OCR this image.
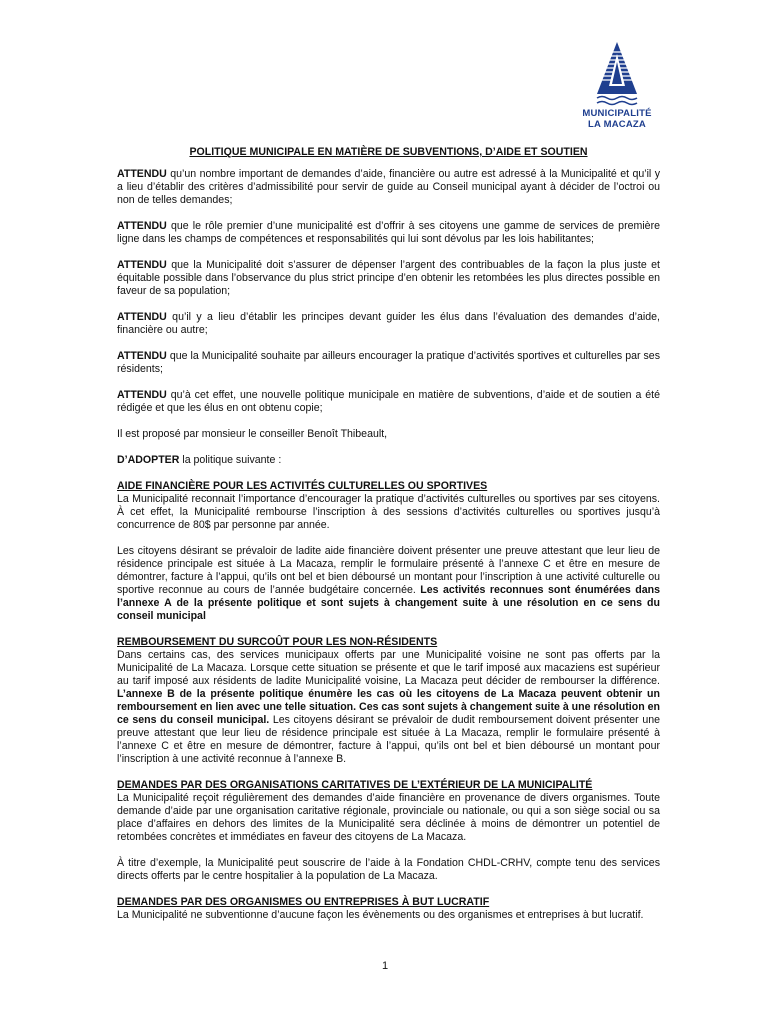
MUNICIPALITÉ
LA MACAZA
POLITIQUE MUNICIPALE EN MATIÈRE DE SUBVENTIONS, D’AIDE ET SOUTIEN

ATTENDU qu’un nombre important de demandes d’aide, financière ou autre est adressé à la Municipalité et qu’il y a lieu d’établir des critères d’admissibilité pour servir de guide au Conseil municipal ayant à décider de l’octroi ou non de telles demandes;

ATTENDU que le rôle premier d’une municipalité est d’offrir à ses citoyens une gamme de services de première ligne dans les champs de compétences et responsabilités qui lui sont dévolus par les lois habilitantes;

ATTENDU que la Municipalité doit s’assurer de dépenser l’argent des contribuables de la façon la plus juste et équitable possible dans l’observance du plus strict principe d’en obtenir les retombées les plus directes possible en faveur de sa population;

ATTENDU qu’il y a lieu d’établir les principes devant guider les élus dans l’évaluation des demandes d’aide, financière ou autre;

ATTENDU que la Municipalité souhaite par ailleurs encourager la pratique d’activités sportives et culturelles par ses résidents;

ATTENDU qu’à cet effet, une nouvelle politique municipale en matière de subventions, d’aide et de soutien a été rédigée et que les élus en ont obtenu copie;

Il est proposé par monsieur le conseiller Benoît Thibeault,

D’ADOPTER la politique suivante :

AIDE FINANCIÈRE POUR LES ACTIVITÉS CULTURELLES OU SPORTIVES

La Municipalité reconnait l’importance d’encourager la pratique d’activités culturelles ou sportives par ses citoyens. À cet effet, la Municipalité rembourse l’inscription à des sessions d’activités culturelles ou sportives jusqu’à concurrence de 80$ par personne par année.

Les citoyens désirant se prévaloir de ladite aide financière doivent présenter une preuve attestant que leur lieu de résidence principale est située à La Macaza, remplir le formulaire présenté à l’annexe C et être en mesure de démontrer, facture à l’appui, qu’ils ont bel et bien déboursé un montant pour l’inscription à une activité culturelle ou sportive reconnue au cours de l’année budgétaire concernée. Les activités reconnues sont énumérées dans l’annexe A de la présente politique et sont sujets à changement suite à une résolution en ce sens du conseil municipal

REMBOURSEMENT DU SURCOÛT POUR LES NON-RÉSIDENTS

Dans certains cas, des services municipaux offerts par une Municipalité voisine ne sont pas offerts par la Municipalité de La Macaza. Lorsque cette situation se présente et que le tarif imposé aux macaziens est supérieur au tarif imposé aux résidents de ladite Municipalité voisine, La Macaza peut décider de rembourser la différence. L’annexe B de la présente politique énumère les cas où les citoyens de La Macaza peuvent obtenir un remboursement en lien avec une telle situation. Ces cas sont sujets à changement suite à une résolution en ce sens du conseil municipal. Les citoyens désirant se prévaloir de dudit remboursement doivent présenter une preuve attestant que leur lieu de résidence principale est située à La Macaza, remplir le formulaire présenté à l’annexe C et être en mesure de démontrer, facture à l’appui, qu’ils ont bel et bien déboursé un montant pour l’inscription à une activité reconnue à l’annexe B.

DEMANDES PAR DES ORGANISATIONS CARITATIVES DE L’EXTÉRIEUR DE LA MUNICIPALITÉ

La Municipalité reçoit régulièrement des demandes d’aide financière en provenance de divers organismes. Toute demande d’aide par une organisation caritative régionale, provinciale ou nationale, ou qui a son siège social ou sa place d’affaires en dehors des limites de la Municipalité sera déclinée à moins de démontrer un potentiel de retombées concrètes et immédiates en faveur des citoyens de La Macaza.

À titre d’exemple, la Municipalité peut souscrire de l’aide à la Fondation CHDL-CRHV, compte tenu des services directs offerts par le centre hospitalier à la population de La Macaza.

DEMANDES PAR DES ORGANISMES OU ENTREPRISES À BUT LUCRATIF

La Municipalité ne subventionne d’aucune façon les évènements ou des organismes et entreprises à but lucratif.

1
